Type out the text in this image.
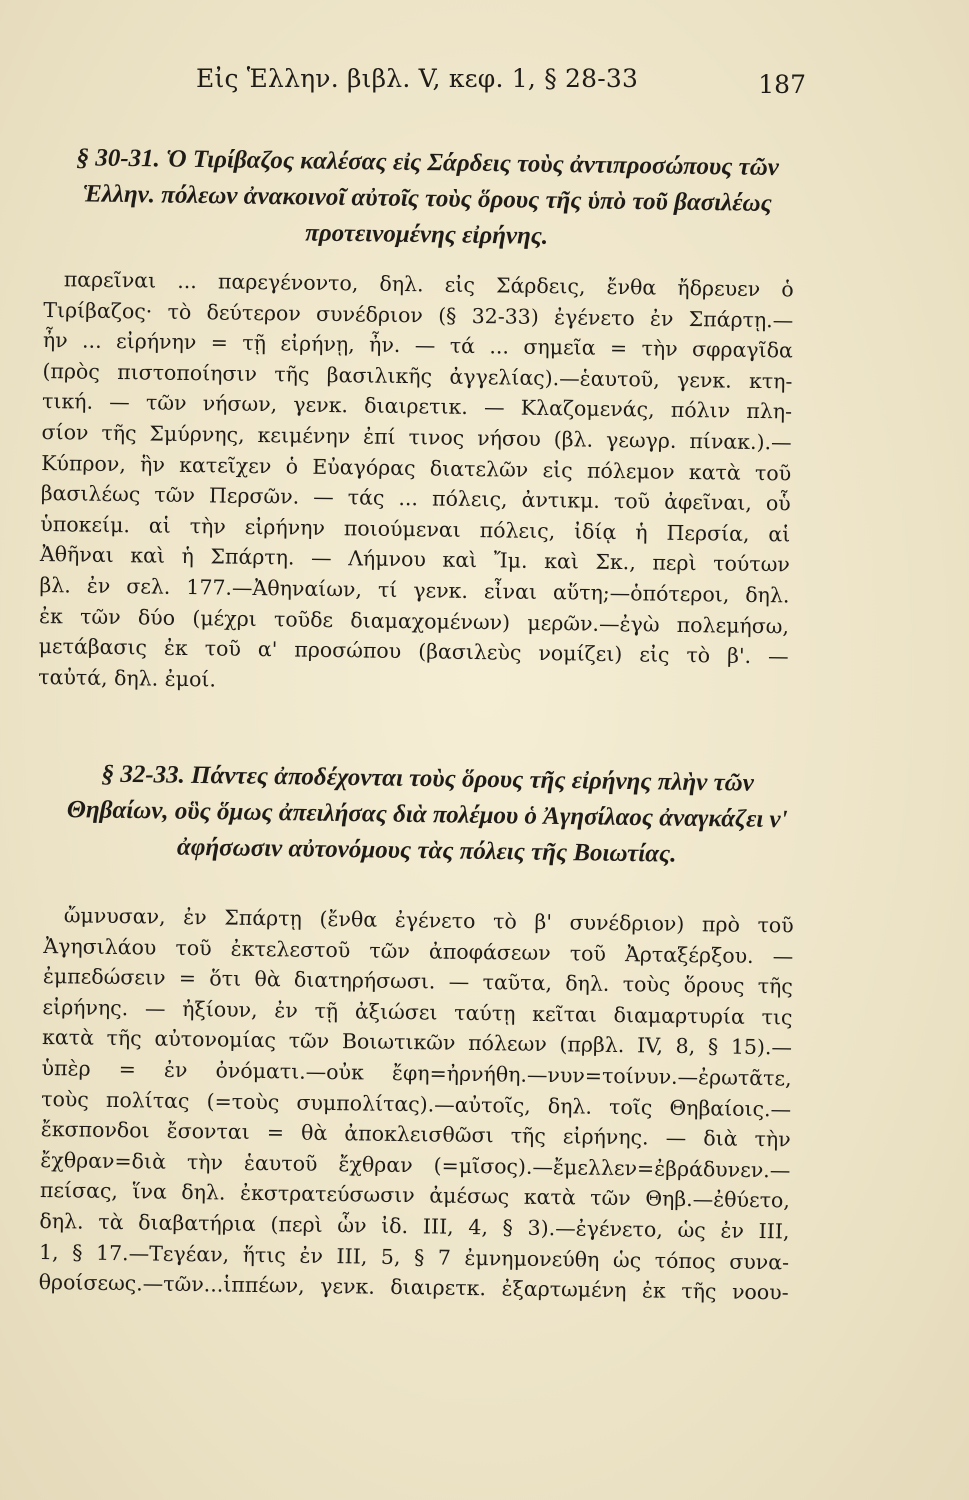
Εἰς Ἑλλην. βιβλ. V, κεφ. 1, § 28-33	187
§ 30-31. Ὁ Τιρίβαζος καλέσας εἰς Σάρδεις τοὺς ἀντιπροσώπους τῶν Ἑλλην. πόλεων ἀνακοινοῖ αὐτοῖς τοὺς ὅρους τῆς ὑπὸ τοῦ βασιλέως προτεινομένης εἰρήνης.
παρεῖναι ... παρεγένοντο, δηλ. εἰς Σάρδεις, ἔνθα ἤδρευεν ὁ
Τιρίβαζος· τὸ δεύτερον συνέδριον (§ 32-33) ἐγένετο ἐν Σπάρτῃ.—
ἦν ... εἰρήνην = τῇ εἰρήνῃ, ἦν. — τά ... σημεῖα = τὴν σφραγῖδα
(πρὸς πιστοποίησιν τῆς βασιλικῆς ἀγγελίας).—ἑαυτοῦ, γενκ. κτη-
τική. — τῶν νήσων, γενκ. διαιρετικ. — Κλαζομενάς, πόλιν πλη-
σίον τῆς Σμύρνης, κειμένην ἐπί τινος νήσου (βλ. γεωγρ. πίνακ.).—
Κύπρον, ἣν κατεῖχεν ὁ Εὐαγόρας διατελῶν εἰς πόλεμον κατὰ τοῦ
βασιλέως τῶν Περσῶν. — τάς ... πόλεις, ἀντικμ. τοῦ ἀφεῖναι, οὗ
ὑποκείμ. αἱ τὴν εἰρήνην ποιούμεναι πόλεις, ἰδίᾳ ἡ Περσία, αἱ
Ἀθῆναι καὶ ἡ Σπάρτη. — Λήμνου καὶ Ἴμ. καὶ Σκ., περὶ τούτων
βλ. ἐν σελ. 177.—Ἀθηναίων, τί γενκ. εἶναι αὕτη;—ὁπότεροι, δηλ.
ἐκ τῶν δύο (μέχρι τοῦδε διαμαχομένων) μερῶν.—ἐγὼ πολεμήσω,
μετάβασις ἐκ τοῦ α' προσώπου (βασιλεὺς νομίζει) εἰς τὸ β'. —
ταὐτά, δηλ. ἐμοί.
§ 32-33. Πάντες ἀποδέχονται τοὺς ὅρους τῆς εἰρήνης πλὴν τῶν Θηβαίων, οὓς ὅμως ἀπειλήσας διὰ πολέμου ὁ Ἀγησίλαος ἀναγκάζει ν' ἀφήσωσιν αὐτονόμους τὰς πόλεις τῆς Βοιωτίας.
ὤμνυσαν, ἐν Σπάρτῃ (ἔνθα ἐγένετο τὸ β' συνέδριον) πρὸ τοῦ
Ἀγησιλάου τοῦ ἐκτελεστοῦ τῶν ἀποφάσεων τοῦ Ἀρταξέρξου. —
ἐμπεδώσειν = ὅτι θὰ διατηρήσωσι. — ταῦτα, δηλ. τοὺς ὅρους τῆς
εἰρήνης. — ἠξίουν, ἐν τῇ ἀξιώσει ταύτῃ κεῖται διαμαρτυρία τις
κατὰ τῆς αὐτονομίας τῶν Βοιωτικῶν πόλεων (πρβλ. IV, 8, § 15).—
ὑπὲρ = ἐν ὀνόματι.—οὐκ ἔφη=ἠρνήθη.—νυν=τοίνυν.—ἐρωτᾶτε,
τοὺς πολίτας (=τοὺς συμπολίτας).—αὐτοῖς, δηλ. τοῖς Θηβαίοις.—
ἔκσπονδοι ἔσονται = θὰ ἀποκλεισθῶσι τῆς εἰρήνης. — διὰ τὴν
ἔχθραν=διὰ τὴν ἑαυτοῦ ἔχθραν (=μῖσος).—ἔμελλεν=ἐβράδυνεν.—
πείσας, ἵνα δηλ. ἐκστρατεύσωσιν ἀμέσως κατὰ τῶν Θηβ.—ἐθύετο,
δηλ. τὰ διαβατήρια (περὶ ὧν ἰδ. III, 4, § 3).—ἐγένετο, ὡς ἐν III,
1, § 17.—Τεγέαν, ἥτις ἐν III, 5, § 7 ἐμνημονεύθη ὡς τόπος συνα-
θροίσεως.—τῶν...ἱππέων, γενκ. διαιρετκ. ἐξαρτωμένη ἐκ τῆς νοου-
